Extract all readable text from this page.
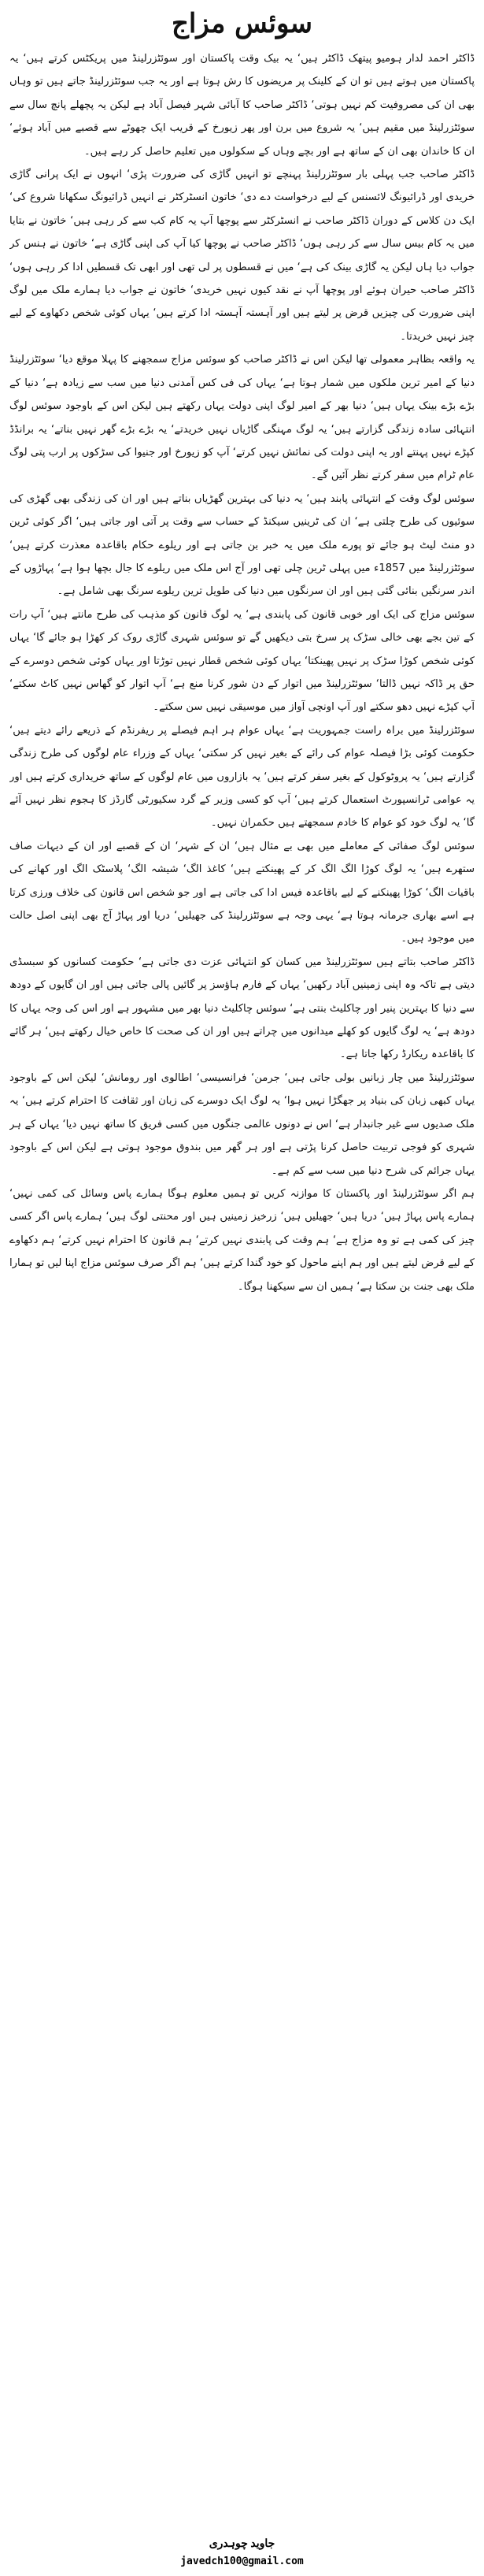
سوئس مزاج

ڈاکٹر احمد لدار ہومیو پیتھک ڈاکٹر ہیں‘ یہ بیک وقت پاکستان اور سوئٹزرلینڈ میں پریکٹس کرتے ہیں‘ یہ پاکستان میں ہوتے ہیں تو ان کے کلینک پر مریضوں کا رش ہوتا ہے اور یہ جب سوئٹزرلینڈ جاتے ہیں تو وہاں بھی ان کی مصروفیت کم نہیں ہوتی‘ ڈاکٹر صاحب کا آبائی شہر فیصل آباد ہے لیکن یہ پچھلے پانچ سال سے سوئٹزرلینڈ میں مقیم ہیں‘ یہ شروع میں برن اور پھر زیورخ کے قریب ایک چھوٹے سے قصبے میں آباد ہوئے‘ ان کا خاندان بھی ان کے ساتھ ہے اور بچے وہاں کے سکولوں میں تعلیم حاصل کر رہے ہیں۔

ڈاکٹر صاحب جب پہلی بار سوئٹزرلینڈ پہنچے تو انہیں گاڑی کی ضرورت پڑی‘ انہوں نے ایک پرانی گاڑی خریدی اور ڈرائیونگ لائسنس کے لیے درخواست دے دی‘ خاتون انسٹرکٹر نے انہیں ڈرائیونگ سکھانا شروع کی‘ ایک دن کلاس کے دوران ڈاکٹر صاحب نے انسٹرکٹر سے پوچھا آپ یہ کام کب سے کر رہی ہیں‘ خاتون نے بتایا میں یہ کام بیس سال سے کر رہی ہوں‘ ڈاکٹر صاحب نے پوچھا کیا آپ کی اپنی گاڑی ہے‘ خاتون نے ہنس کر جواب دیا ہاں لیکن یہ گاڑی بینک کی ہے‘ میں نے قسطوں پر لی تھی اور ابھی تک قسطیں ادا کر رہی ہوں‘ ڈاکٹر صاحب حیران ہوئے اور پوچھا آپ نے نقد کیوں نہیں خریدی‘ خاتون نے جواب دیا ہمارے ملک میں لوگ اپنی ضرورت کی چیزیں قرض پر لیتے ہیں اور آہستہ آہستہ ادا کرتے ہیں‘ یہاں کوئی شخص دکھاوے کے لیے چیز نہیں خریدتا۔

یہ واقعہ بظاہر معمولی تھا لیکن اس نے ڈاکٹر صاحب کو سوئس مزاج سمجھنے کا پہلا موقع دیا‘ سوئٹزرلینڈ دنیا کے امیر ترین ملکوں میں شمار ہوتا ہے‘ یہاں کی فی کس آمدنی دنیا میں سب سے زیادہ ہے‘ دنیا کے بڑے بڑے بینک یہاں ہیں‘ دنیا بھر کے امیر لوگ اپنی دولت یہاں رکھتے ہیں لیکن اس کے باوجود سوئس لوگ انتہائی سادہ زندگی گزارتے ہیں‘ یہ لوگ مہنگی گاڑیاں نہیں خریدتے‘ یہ بڑے بڑے گھر نہیں بناتے‘ یہ برانڈڈ کپڑے نہیں پہنتے اور یہ اپنی دولت کی نمائش نہیں کرتے‘ آپ کو زیورخ اور جنیوا کی سڑکوں پر ارب پتی لوگ عام ٹرام میں سفر کرتے نظر آئیں گے۔

سوئس لوگ وقت کے انتہائی پابند ہیں‘ یہ دنیا کی بہترین گھڑیاں بناتے ہیں اور ان کی زندگی بھی گھڑی کی سوئیوں کی طرح چلتی ہے‘ ان کی ٹرینیں سیکنڈ کے حساب سے وقت پر آتی اور جاتی ہیں‘ اگر کوئی ٹرین دو منٹ لیٹ ہو جائے تو پورے ملک میں یہ خبر بن جاتی ہے اور ریلوے حکام باقاعدہ معذرت کرتے ہیں‘ سوئٹزرلینڈ میں 1857ء میں پہلی ٹرین چلی تھی اور آج اس ملک میں ریلوے کا جال بچھا ہوا ہے‘ پہاڑوں کے اندر سرنگیں بنائی گئی ہیں اور ان سرنگوں میں دنیا کی طویل ترین ریلوے سرنگ بھی شامل ہے۔

سوئس مزاج کی ایک اور خوبی قانون کی پابندی ہے‘ یہ لوگ قانون کو مذہب کی طرح مانتے ہیں‘ آپ رات کے تین بجے بھی خالی سڑک پر سرخ بتی دیکھیں گے تو سوئس شہری گاڑی روک کر کھڑا ہو جائے گا‘ یہاں کوئی شخص کوڑا سڑک پر نہیں پھینکتا‘ یہاں کوئی شخص قطار نہیں توڑتا اور یہاں کوئی شخص دوسرے کے حق پر ڈاکہ نہیں ڈالتا‘ سوئٹزرلینڈ میں اتوار کے دن شور کرنا منع ہے‘ آپ اتوار کو گھاس نہیں کاٹ سکتے‘ آپ کپڑے نہیں دھو سکتے اور آپ اونچی آواز میں موسیقی نہیں سن سکتے۔

سوئٹزرلینڈ میں براہ راست جمہوریت ہے‘ یہاں عوام ہر اہم فیصلے پر ریفرنڈم کے ذریعے رائے دیتے ہیں‘ حکومت کوئی بڑا فیصلہ عوام کی رائے کے بغیر نہیں کر سکتی‘ یہاں کے وزراء عام لوگوں کی طرح زندگی گزارتے ہیں‘ یہ پروٹوکول کے بغیر سفر کرتے ہیں‘ یہ بازاروں میں عام لوگوں کے ساتھ خریداری کرتے ہیں اور یہ عوامی ٹرانسپورٹ استعمال کرتے ہیں‘ آپ کو کسی وزیر کے گرد سکیورٹی گارڈز کا ہجوم نظر نہیں آئے گا‘ یہ لوگ خود کو عوام کا خادم سمجھتے ہیں حکمران نہیں۔

سوئس لوگ صفائی کے معاملے میں بھی بے مثال ہیں‘ ان کے شہر‘ ان کے قصبے اور ان کے دیہات صاف ستھرے ہیں‘ یہ لوگ کوڑا الگ الگ کر کے پھینکتے ہیں‘ کاغذ الگ‘ شیشہ الگ‘ پلاسٹک الگ اور کھانے کی باقیات الگ‘ کوڑا پھینکنے کے لیے باقاعدہ فیس ادا کی جاتی ہے اور جو شخص اس قانون کی خلاف ورزی کرتا ہے اسے بھاری جرمانہ ہوتا ہے‘ یہی وجہ ہے سوئٹزرلینڈ کی جھیلیں‘ دریا اور پہاڑ آج بھی اپنی اصل حالت میں موجود ہیں۔

ڈاکٹر صاحب بتاتے ہیں سوئٹزرلینڈ میں کسان کو انتہائی عزت دی جاتی ہے‘ حکومت کسانوں کو سبسڈی دیتی ہے تاکہ وہ اپنی زمینیں آباد رکھیں‘ یہاں کے فارم ہاؤسز پر گائیں پالی جاتی ہیں اور ان گایوں کے دودھ سے دنیا کا بہترین پنیر اور چاکلیٹ بنتی ہے‘ سوئس چاکلیٹ دنیا بھر میں مشہور ہے اور اس کی وجہ یہاں کا دودھ ہے‘ یہ لوگ گایوں کو کھلے میدانوں میں چراتے ہیں اور ان کی صحت کا خاص خیال رکھتے ہیں‘ ہر گائے کا باقاعدہ ریکارڈ رکھا جاتا ہے۔

سوئٹزرلینڈ میں چار زبانیں بولی جاتی ہیں‘ جرمن‘ فرانسیسی‘ اطالوی اور رومانش‘ لیکن اس کے باوجود یہاں کبھی زبان کی بنیاد پر جھگڑا نہیں ہوا‘ یہ لوگ ایک دوسرے کی زبان اور ثقافت کا احترام کرتے ہیں‘ یہ ملک صدیوں سے غیر جانبدار ہے‘ اس نے دونوں عالمی جنگوں میں کسی فریق کا ساتھ نہیں دیا‘ یہاں کے ہر شہری کو فوجی تربیت حاصل کرنا پڑتی ہے اور ہر گھر میں بندوق موجود ہوتی ہے لیکن اس کے باوجود یہاں جرائم کی شرح دنیا میں سب سے کم ہے۔

ہم اگر سوئٹزرلینڈ اور پاکستان کا موازنہ کریں تو ہمیں معلوم ہوگا ہمارے پاس وسائل کی کمی نہیں‘ ہمارے پاس پہاڑ ہیں‘ دریا ہیں‘ جھیلیں ہیں‘ زرخیز زمینیں ہیں اور محنتی لوگ ہیں‘ ہمارے پاس اگر کسی چیز کی کمی ہے تو وہ مزاج ہے‘ ہم وقت کی پابندی نہیں کرتے‘ ہم قانون کا احترام نہیں کرتے‘ ہم دکھاوے کے لیے قرض لیتے ہیں اور ہم اپنے ماحول کو خود گندا کرتے ہیں‘ ہم اگر صرف سوئس مزاج اپنا لیں تو ہمارا ملک بھی جنت بن سکتا ہے‘ ہمیں ان سے سیکھنا ہوگا۔

جاوید چوہدری
javedch100@gmail.com
